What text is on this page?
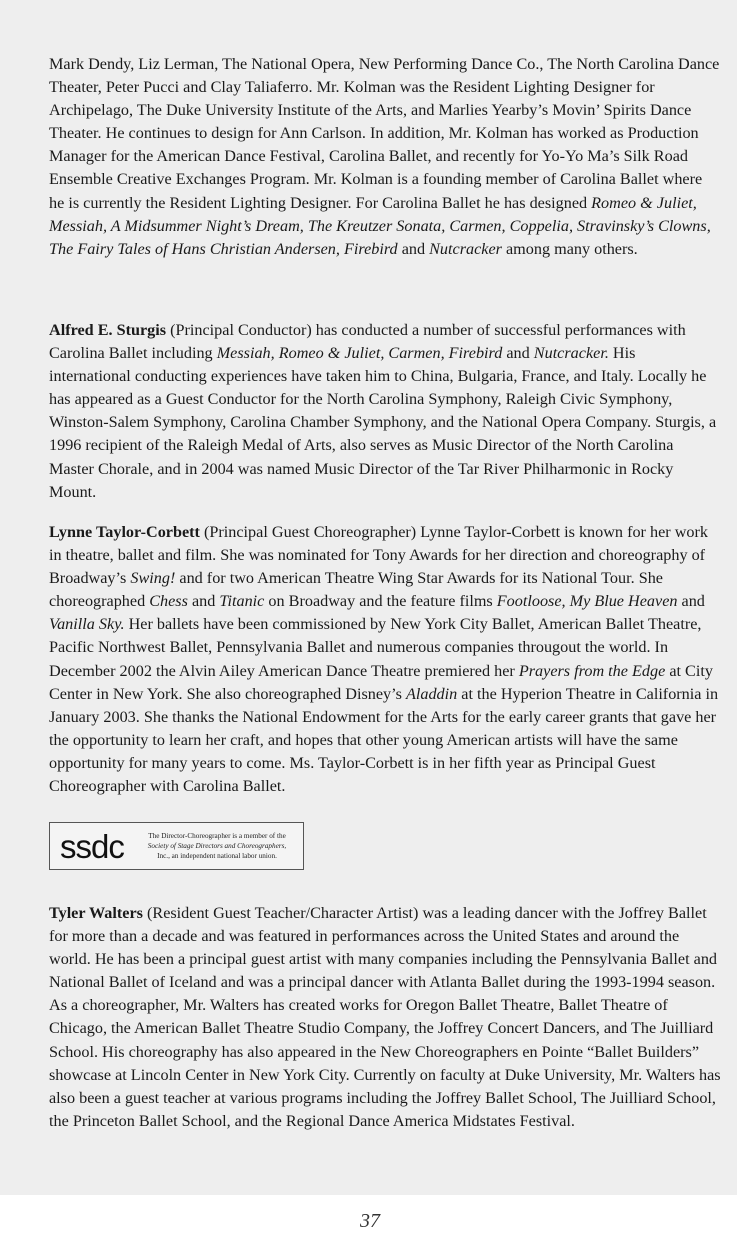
Mark Dendy, Liz Lerman, The National Opera, New Performing Dance Co., The North Carolina Dance Theater, Peter Pucci and Clay Taliaferro. Mr. Kolman was the Resident Lighting Designer for Archipelago, The Duke University Institute of the Arts, and Marlies Yearby’s Movin’ Spirits Dance Theater. He continues to design for Ann Carlson. In addition, Mr. Kolman has worked as Production Manager for the American Dance Festival, Carolina Ballet, and recently for Yo-Yo Ma’s Silk Road Ensemble Creative Exchanges Program. Mr. Kolman is a founding member of Carolina Ballet where he is currently the Resident Lighting Designer. For Carolina Ballet he has designed Romeo & Juliet, Messiah, A Midsummer Night’s Dream, The Kreutzer Sonata, Carmen, Coppelia, Stravinsky’s Clowns, The Fairy Tales of Hans Christian Andersen, Firebird and Nutcracker among many others.

Alfred E. Sturgis (Principal Conductor) has conducted a number of successful performances with Carolina Ballet including Messiah, Romeo & Juliet, Carmen, Firebird and Nutcracker. His international conducting experiences have taken him to China, Bulgaria, France, and Italy. Locally he has appeared as a Guest Conductor for the North Carolina Symphony, Raleigh Civic Symphony, Winston-Salem Symphony, Carolina Chamber Symphony, and the National Opera Company. Sturgis, a 1996 recipient of the Raleigh Medal of Arts, also serves as Music Director of the North Carolina Master Chorale, and in 2004 was named Music Director of the Tar River Philharmonic in Rocky Mount.

Lynne Taylor-Corbett (Principal Guest Choreographer) Lynne Taylor-Corbett is known for her work in theatre, ballet and film. She was nominated for Tony Awards for her direction and choreography of Broadway’s Swing! and for two American Theatre Wing Star Awards for its National Tour. She choreographed Chess and Titanic on Broadway and the feature films Footloose, My Blue Heaven and Vanilla Sky. Her ballets have been commissioned by New York City Ballet, American Ballet Theatre, Pacific Northwest Ballet, Pennsylvania Ballet and numerous companies througout the world. In December 2002 the Alvin Ailey American Dance Theatre premiered her Prayers from the Edge at City Center in New York. She also choreographed Disney’s Aladdin at the Hyperion Theatre in California in January 2003. She thanks the National Endowment for the Arts for the early career grants that gave her the opportunity to learn her craft, and hopes that other young American artists will have the same opportunity for many years to come. Ms. Taylor-Corbett is in her fifth year as Principal Guest Choreographer with Carolina Ballet.

ssdc	The Director-Choreographer is a member of the
Society of Stage Directors and Choreographers,
Inc., an independent national labor union.

Tyler Walters (Resident Guest Teacher/Character Artist) was a leading dancer with the Joffrey Ballet for more than a decade and was featured in performances across the United States and around the world. He has been a principal guest artist with many companies including the Pennsylvania Ballet and National Ballet of Iceland and was a principal dancer with Atlanta Ballet during the 1993-1994 season. As a choreographer, Mr. Walters has created works for Oregon Ballet Theatre, Ballet Theatre of Chicago, the American Ballet Theatre Studio Company, the Joffrey Concert Dancers, and The Juilliard School. His choreography has also appeared in the New Choreographers en Pointe “Ballet Builders” showcase at Lincoln Center in New York City. Currently on faculty at Duke University, Mr. Walters has also been a guest teacher at various programs including the Joffrey Ballet School, The Juilliard School, the Princeton Ballet School, and the Regional Dance America Midstates Festival.

37
